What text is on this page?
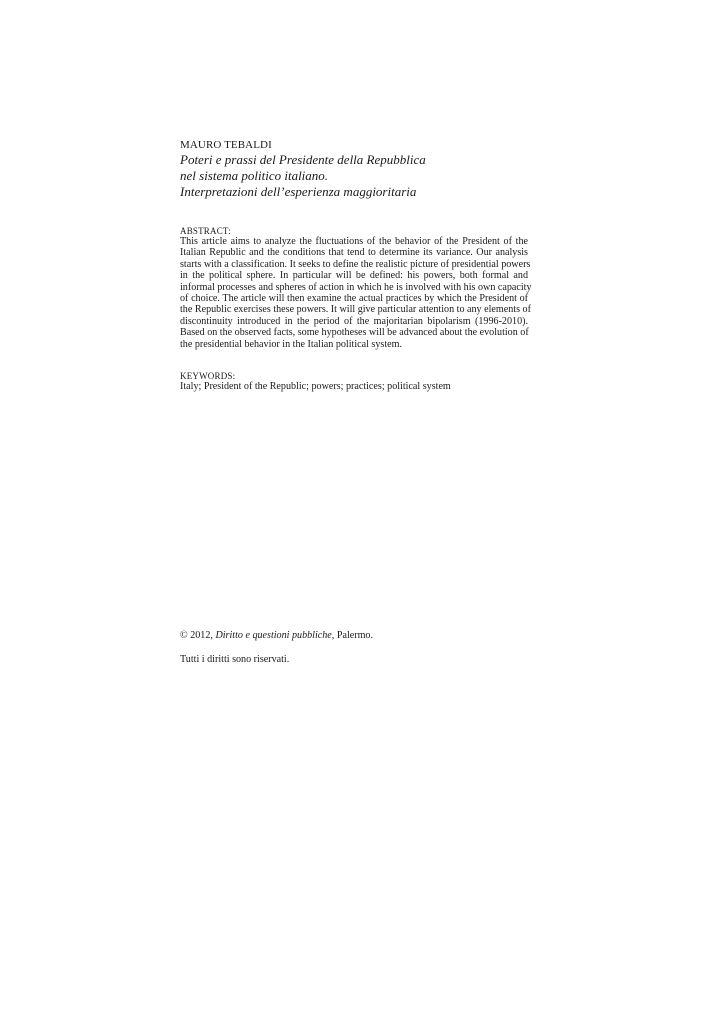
MAURO TEBALDI
Poteri e prassi del Presidente della Repubblica
nel sistema politico italiano.
Interpretazioni dell’esperienza maggioritaria
ABSTRACT:
This article aims to analyze the fluctuations of the behavior of the President of the
Italian Republic and the conditions that tend to determine its variance. Our analysis
starts with a classification. It seeks to define the realistic picture of presidential powers
in the political sphere. In particular will be defined: his powers, both formal and
informal processes and spheres of action in which he is involved with his own capacity
of choice. The article will then examine the actual practices by which the President of
the Republic exercises these powers. It will give particular attention to any elements of
discontinuity introduced in the period of the majoritarian bipolarism (1996-2010).
Based on the observed facts, some hypotheses will be advanced about the evolution of
the presidential behavior in the Italian political system.
KEYWORDS:
Italy; President of the Republic; powers; practices; political system
© 2012, Diritto e questioni pubbliche, Palermo.
Tutti i diritti sono riservati.
